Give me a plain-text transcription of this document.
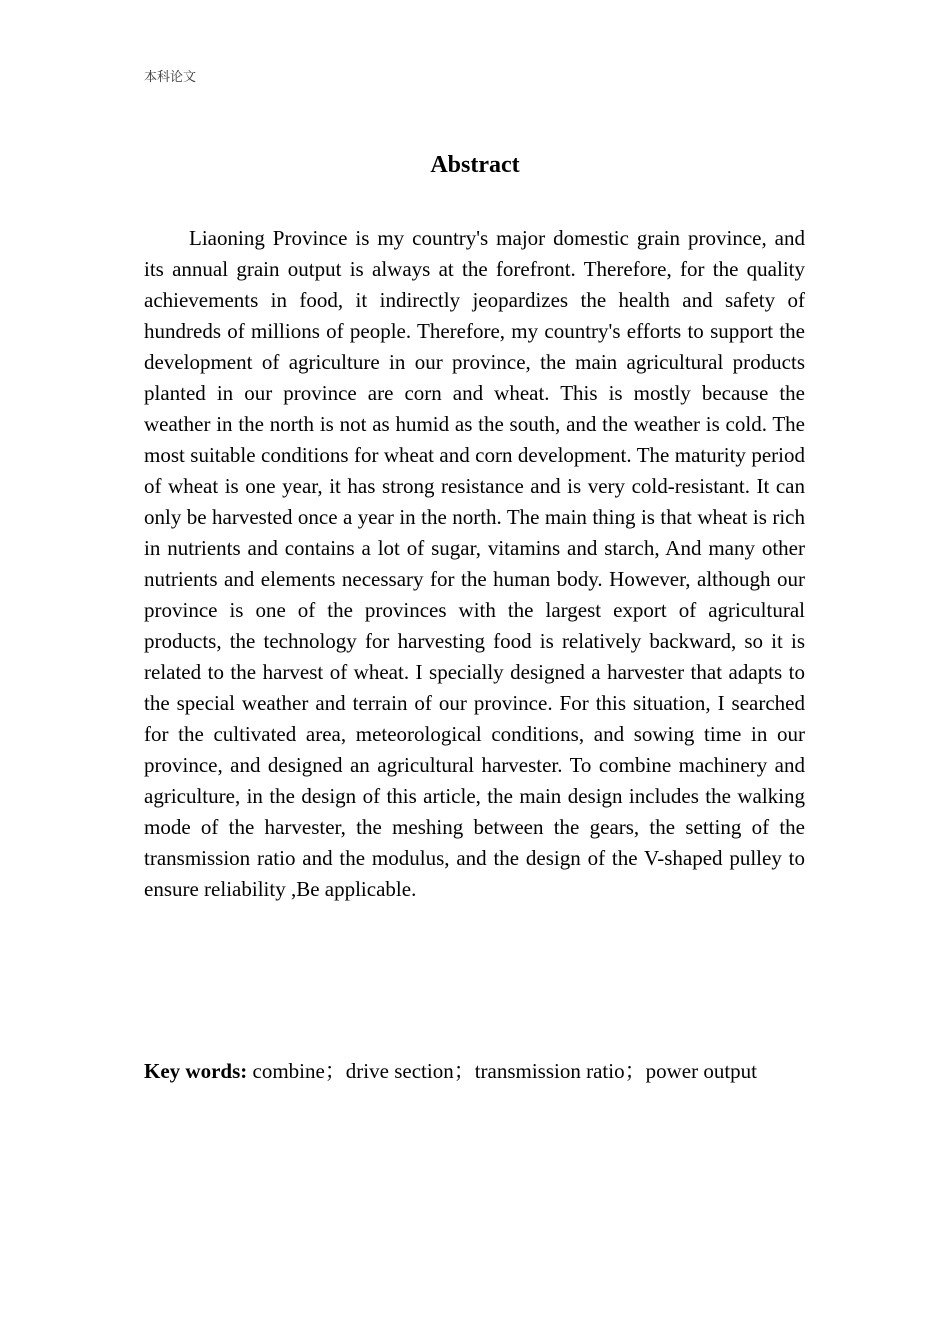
本科论文
Abstract

Liaoning Province is my country's major domestic grain province, and its annual grain output is always at the forefront. Therefore, for the quality achievements in food, it indirectly jeopardizes the health and safety of hundreds of millions of people. Therefore, my country's efforts to support the development of agriculture in our province, the main agricultural products planted in our province are corn and wheat. This is mostly because the weather in the north is not as humid as the south, and the weather is cold. The most suitable conditions for wheat and corn development. The maturity period of wheat is one year, it has strong resistance and is very cold-resistant. It can only be harvested once a year in the north. The main thing is that wheat is rich in nutrients and contains a lot of sugar, vitamins and starch, And many other nutrients and elements necessary for the human body. However, although our province is one of the provinces with the largest export of agricultural products, the technology for harvesting food is relatively backward, so it is related to the harvest of wheat. I specially designed a harvester that adapts to the special weather and terrain of our province. For this situation, I searched for the cultivated area, meteorological conditions, and sowing time in our province, and designed an agricultural harvester. To combine machinery and agriculture, in the design of this article, the main design includes the walking mode of the harvester, the meshing between the gears, the setting of the transmission ratio and the modulus, and the design of the V-shaped pulley to ensure reliability ,Be applicable.

Key words: combine；drive section；transmission ratio；power output
